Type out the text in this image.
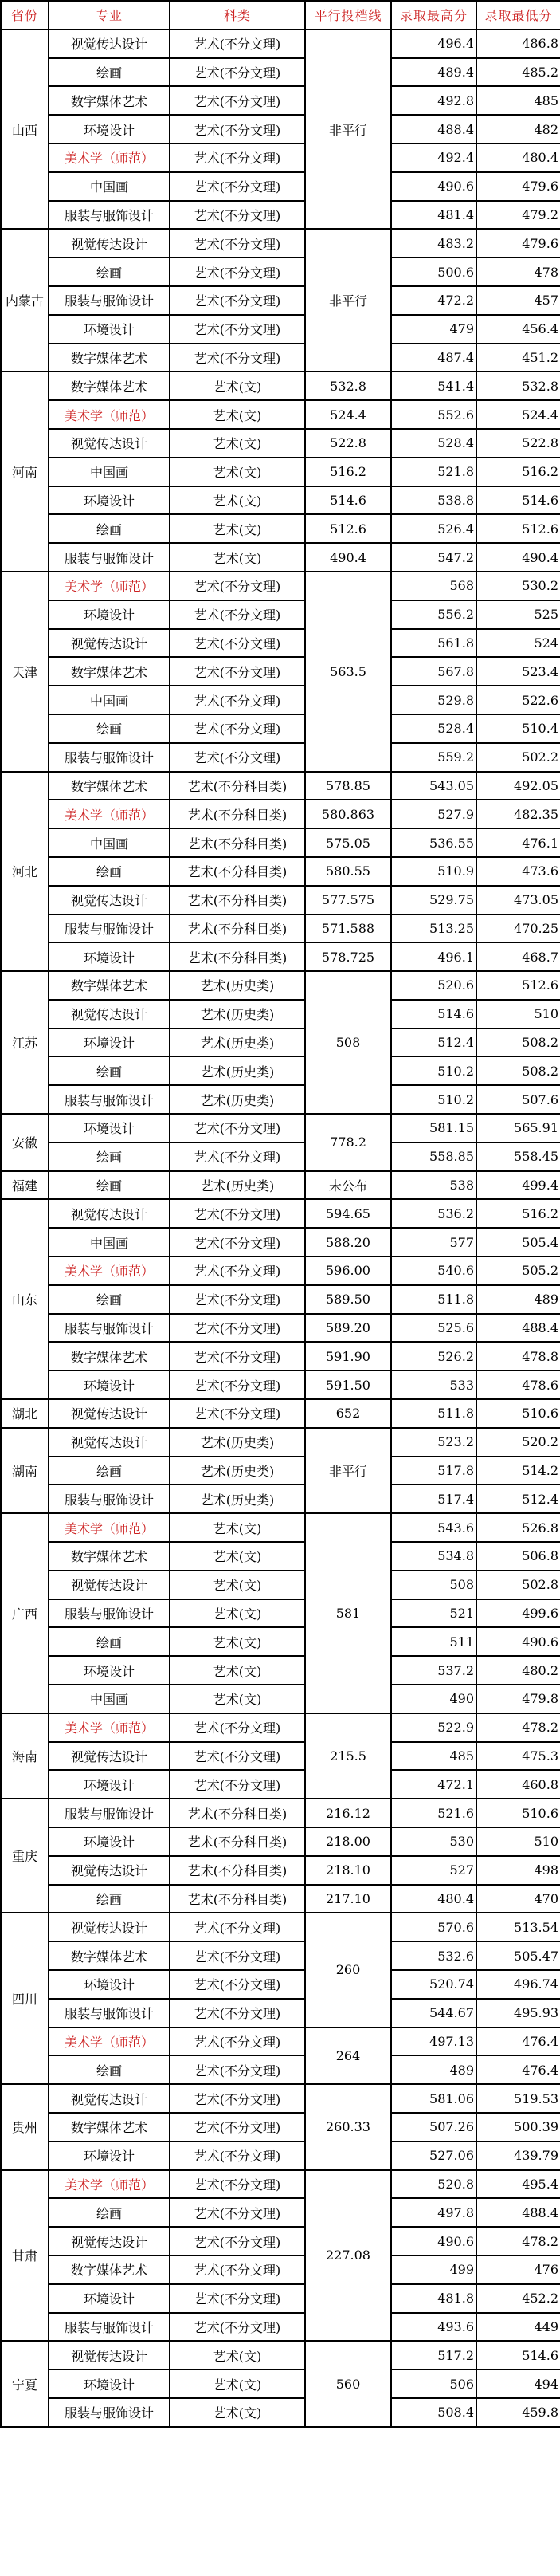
省份	专业	科类	平行投档线	录取最高分	录取最低分
山西	视觉传达设计	艺术(不分文理)	非平行	496.4	486.8
	绘画	艺术(不分文理)		489.4	485.2
	数字媒体艺术	艺术(不分文理)		492.8	485
	环境设计	艺术(不分文理)		488.4	482
	美术学（师范）	艺术(不分文理)		492.4	480.4
	中国画	艺术(不分文理)		490.6	479.6
	服装与服饰设计	艺术(不分文理)		481.4	479.2
内蒙古	视觉传达设计	艺术(不分文理)	非平行	483.2	479.6
	绘画	艺术(不分文理)		500.6	478
	服装与服饰设计	艺术(不分文理)		472.2	457
	环境设计	艺术(不分文理)		479	456.4
	数字媒体艺术	艺术(不分文理)		487.4	451.2
河南	数字媒体艺术	艺术(文)	532.8	541.4	532.8
	美术学（师范）	艺术(文)	524.4	552.6	524.4
	视觉传达设计	艺术(文)	522.8	528.4	522.8
	中国画	艺术(文)	516.2	521.8	516.2
	环境设计	艺术(文)	514.6	538.8	514.6
	绘画	艺术(文)	512.6	526.4	512.6
	服装与服饰设计	艺术(文)	490.4	547.2	490.4
天津	美术学（师范）	艺术(不分文理)	563.5	568	530.2
	环境设计	艺术(不分文理)		556.2	525
	视觉传达设计	艺术(不分文理)		561.8	524
	数字媒体艺术	艺术(不分文理)		567.8	523.4
	中国画	艺术(不分文理)		529.8	522.6
	绘画	艺术(不分文理)		528.4	510.4
	服装与服饰设计	艺术(不分文理)		559.2	502.2
河北	数字媒体艺术	艺术(不分科目类)	578.85	543.05	492.05
	美术学（师范）	艺术(不分科目类)	580.863	527.9	482.35
	中国画	艺术(不分科目类)	575.05	536.55	476.1
	绘画	艺术(不分科目类)	580.55	510.9	473.6
	视觉传达设计	艺术(不分科目类)	577.575	529.75	473.05
	服装与服饰设计	艺术(不分科目类)	571.588	513.25	470.25
	环境设计	艺术(不分科目类)	578.725	496.1	468.7
江苏	数字媒体艺术	艺术(历史类)	508	520.6	512.6
	视觉传达设计	艺术(历史类)		514.6	510
	环境设计	艺术(历史类)		512.4	508.2
	绘画	艺术(历史类)		510.2	508.2
	服装与服饰设计	艺术(历史类)		510.2	507.6
安徽	环境设计	艺术(不分文理)	778.2	581.15	565.91
	绘画	艺术(不分文理)		558.85	558.45
福建	绘画	艺术(历史类)	未公布	538	499.4
山东	视觉传达设计	艺术(不分文理)	594.65	536.2	516.2
	中国画	艺术(不分文理)	588.20	577	505.4
	美术学（师范）	艺术(不分文理)	596.00	540.6	505.2
	绘画	艺术(不分文理)	589.50	511.8	489
	服装与服饰设计	艺术(不分文理)	589.20	525.6	488.4
	数字媒体艺术	艺术(不分文理)	591.90	526.2	478.8
	环境设计	艺术(不分文理)	591.50	533	478.6
湖北	视觉传达设计	艺术(不分文理)	652	511.8	510.6
湖南	视觉传达设计	艺术(历史类)	非平行	523.2	520.2
	绘画	艺术(历史类)		517.8	514.2
	服装与服饰设计	艺术(历史类)		517.4	512.4
广西	美术学（师范）	艺术(文)	581	543.6	526.8
	数字媒体艺术	艺术(文)		534.8	506.8
	视觉传达设计	艺术(文)		508	502.8
	服装与服饰设计	艺术(文)		521	499.6
	绘画	艺术(文)		511	490.6
	环境设计	艺术(文)		537.2	480.2
	中国画	艺术(文)		490	479.8
海南	美术学（师范）	艺术(不分文理)	215.5	522.9	478.2
	视觉传达设计	艺术(不分文理)		485	475.3
	环境设计	艺术(不分文理)		472.1	460.8
重庆	服装与服饰设计	艺术(不分科目类)	216.12	521.6	510.6
	环境设计	艺术(不分科目类)	218.00	530	510
	视觉传达设计	艺术(不分科目类)	218.10	527	498
	绘画	艺术(不分科目类)	217.10	480.4	470
四川	视觉传达设计	艺术(不分文理)	260	570.6	513.54
	数字媒体艺术	艺术(不分文理)		532.6	505.47
	环境设计	艺术(不分文理)		520.74	496.74
	服装与服饰设计	艺术(不分文理)		544.67	495.93
	美术学（师范）	艺术(不分文理)	264	497.13	476.4
	绘画	艺术(不分文理)		489	476.4
贵州	视觉传达设计	艺术(不分文理)	260.33	581.06	519.53
	数字媒体艺术	艺术(不分文理)		507.26	500.39
	环境设计	艺术(不分文理)		527.06	439.79
甘肃	美术学（师范）	艺术(不分文理)	227.08	520.8	495.4
	绘画	艺术(不分文理)		497.8	488.4
	视觉传达设计	艺术(不分文理)		490.6	478.2
	数字媒体艺术	艺术(不分文理)		499	476
	环境设计	艺术(不分文理)		481.8	452.2
	服装与服饰设计	艺术(不分文理)		493.6	449
宁夏	视觉传达设计	艺术(文)	560	517.2	514.6
	环境设计	艺术(文)		506	494
	服装与服饰设计	艺术(文)		508.4	459.8
